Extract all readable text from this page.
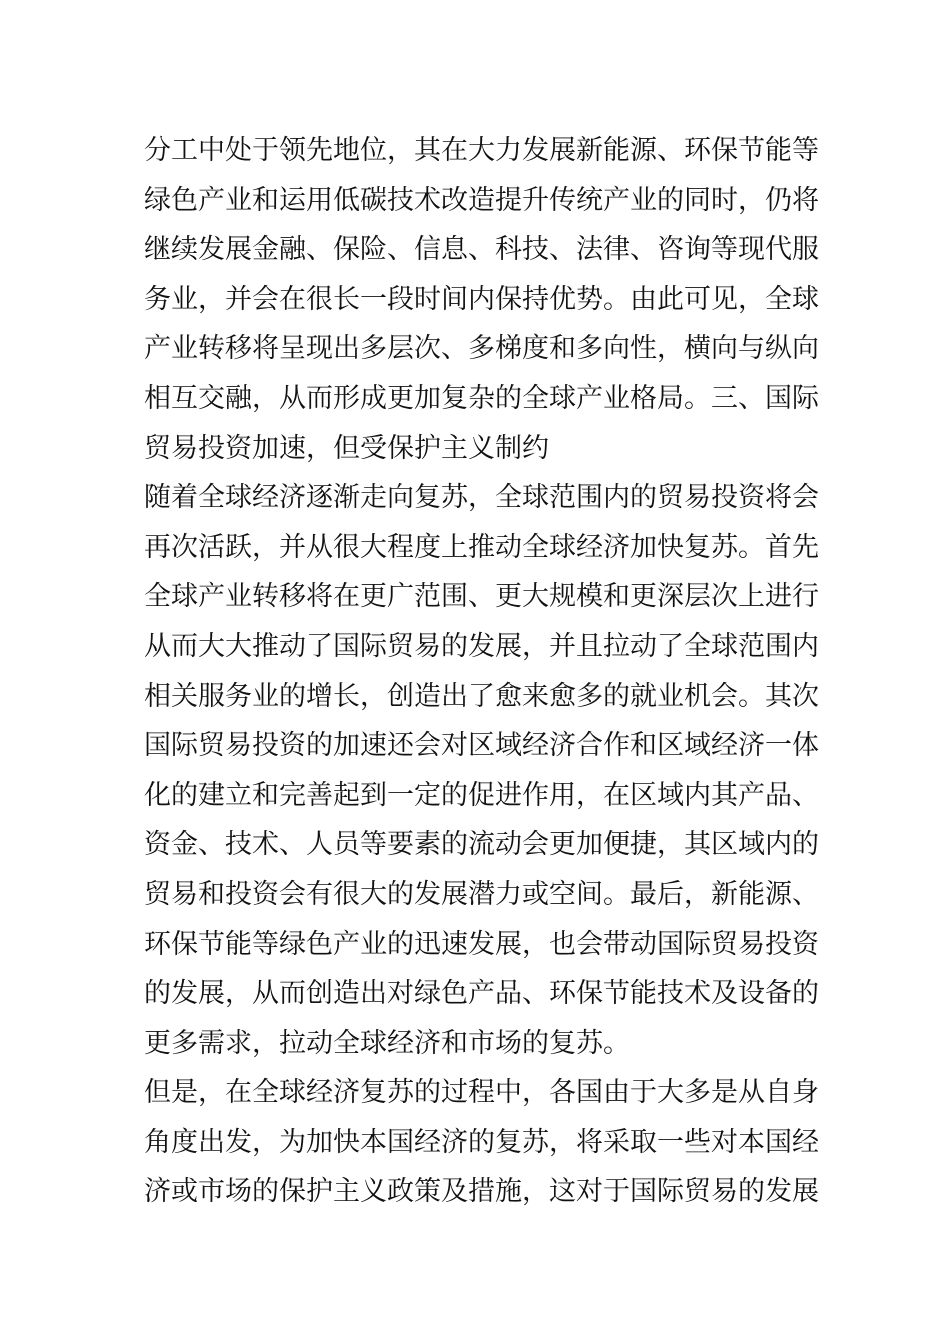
分工中处于领先地位，其在大力发展新能源、环保节能等
绿色产业和运用低碳技术改造提升传统产业的同时，仍将
继续发展金融、保险、信息、科技、法律、咨询等现代服
务业，并会在很长一段时间内保持优势。由此可见，全球
产业转移将呈现出多层次、多梯度和多向性，横向与纵向
相互交融，从而形成更加复杂的全球产业格局。三、国际
贸易投资加速，但受保护主义制约
随着全球经济逐渐走向复苏，全球范围内的贸易投资将会
再次活跃，并从很大程度上推动全球经济加快复苏。首先
全球产业转移将在更广范围、更大规模和更深层次上进行
从而大大推动了国际贸易的发展，并且拉动了全球范围内
相关服务业的增长，创造出了愈来愈多的就业机会。其次
国际贸易投资的加速还会对区域经济合作和区域经济一体
化的建立和完善起到一定的促进作用，在区域内其产品、
资金、技术、人员等要素的流动会更加便捷，其区域内的
贸易和投资会有很大的发展潜力或空间。最后，新能源、
环保节能等绿色产业的迅速发展，也会带动国际贸易投资
的发展，从而创造出对绿色产品、环保节能技术及设备的
更多需求，拉动全球经济和市场的复苏。
但是，在全球经济复苏的过程中，各国由于大多是从自身
角度出发，为加快本国经济的复苏，将采取一些对本国经
济或市场的保护主义政策及措施，这对于国际贸易的发展
